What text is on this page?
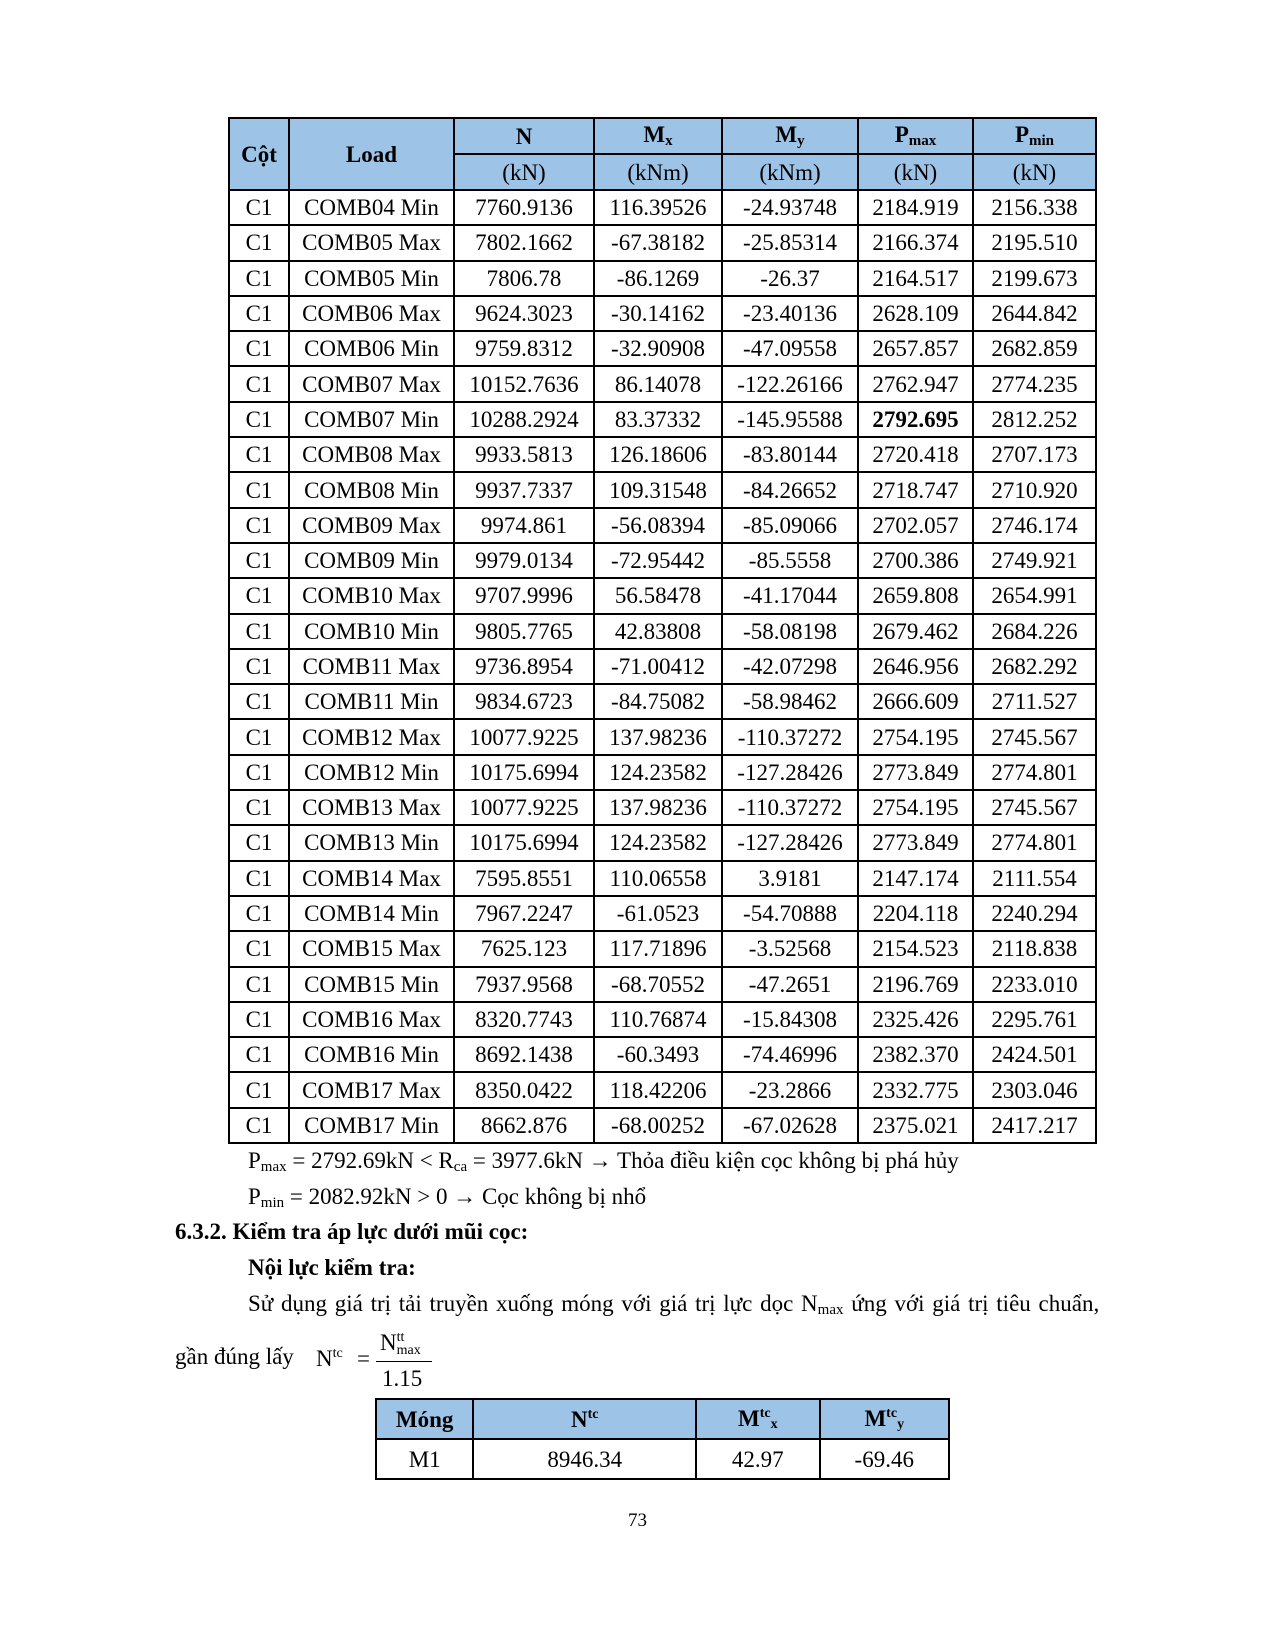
Cột	Load	N	$M_x$	$M_y$	$P_{max}$	$P_{min}$
		(kN)	(kNm)	(kNm)	(kN)	(kN)
C1	COMB04 Min	7760.9136	116.39526	-24.93748	2184.919	2156.338
C1	COMB05 Max	7802.1662	-67.38182	-25.85314	2166.374	2195.510
C1	COMB05 Min	7806.78	-86.1269	-26.37	2164.517	2199.673
C1	COMB06 Max	9624.3023	-30.14162	-23.40136	2628.109	2644.842
C1	COMB06 Min	9759.8312	-32.90908	-47.09558	2657.857	2682.859
C1	COMB07 Max	10152.7636	86.14078	-122.26166	2762.947	2774.235
C1	COMB07 Min	10288.2924	83.37332	-145.95588	2792.695	2812.252
C1	COMB08 Max	9933.5813	126.18606	-83.80144	2720.418	2707.173
C1	COMB08 Min	9937.7337	109.31548	-84.26652	2718.747	2710.920
C1	COMB09 Max	9974.861	-56.08394	-85.09066	2702.057	2746.174
C1	COMB09 Min	9979.0134	-72.95442	-85.5558	2700.386	2749.921
C1	COMB10 Max	9707.9996	56.58478	-41.17044	2659.808	2654.991
C1	COMB10 Min	9805.7765	42.83808	-58.08198	2679.462	2684.226
C1	COMB11 Max	9736.8954	-71.00412	-42.07298	2646.956	2682.292
C1	COMB11 Min	9834.6723	-84.75082	-58.98462	2666.609	2711.527
C1	COMB12 Max	10077.9225	137.98236	-110.37272	2754.195	2745.567
C1	COMB12 Min	10175.6994	124.23582	-127.28426	2773.849	2774.801
C1	COMB13 Max	10077.9225	137.98236	-110.37272	2754.195	2745.567
C1	COMB13 Min	10175.6994	124.23582	-127.28426	2773.849	2774.801
C1	COMB14 Max	7595.8551	110.06558	3.9181	2147.174	2111.554
C1	COMB14 Min	7967.2247	-61.0523	-54.70888	2204.118	2240.294
C1	COMB15 Max	7625.123	117.71896	-3.52568	2154.523	2118.838
C1	COMB15 Min	7937.9568	-68.70552	-47.2651	2196.769	2233.010
C1	COMB16 Max	8320.7743	110.76874	-15.84308	2325.426	2295.761
C1	COMB16 Min	8692.1438	-60.3493	-74.46996	2382.370	2424.501
C1	COMB17 Max	8350.0422	118.42206	-23.2866	2332.775	2303.046
C1	COMB17 Min	8662.876	-68.00252	-67.02628	2375.021	2417.217
$P_{max} = 2792.69kN < R_{ca} = 3977.6kN$ → Thỏa điều kiện cọc không bị phá hủy
$P_{min} = 2082.92kN > 0$ → Cọc không bị nhổ
6.3.2. Kiểm tra áp lực dưới mũi cọc:
Nội lực kiểm tra:
Sử dụng giá trị tải truyền xuống móng với giá trị lực dọc $N_{max}$ ứng với giá trị tiêu chuẩn,
gần đúng lấy $N^{tc}$ =
N tt
max
1.15
Móng	$N^{tc}$	$M^{tc}_x$	$M^{tc}_y$
M1	8946.34	42.97	-69.46
73
